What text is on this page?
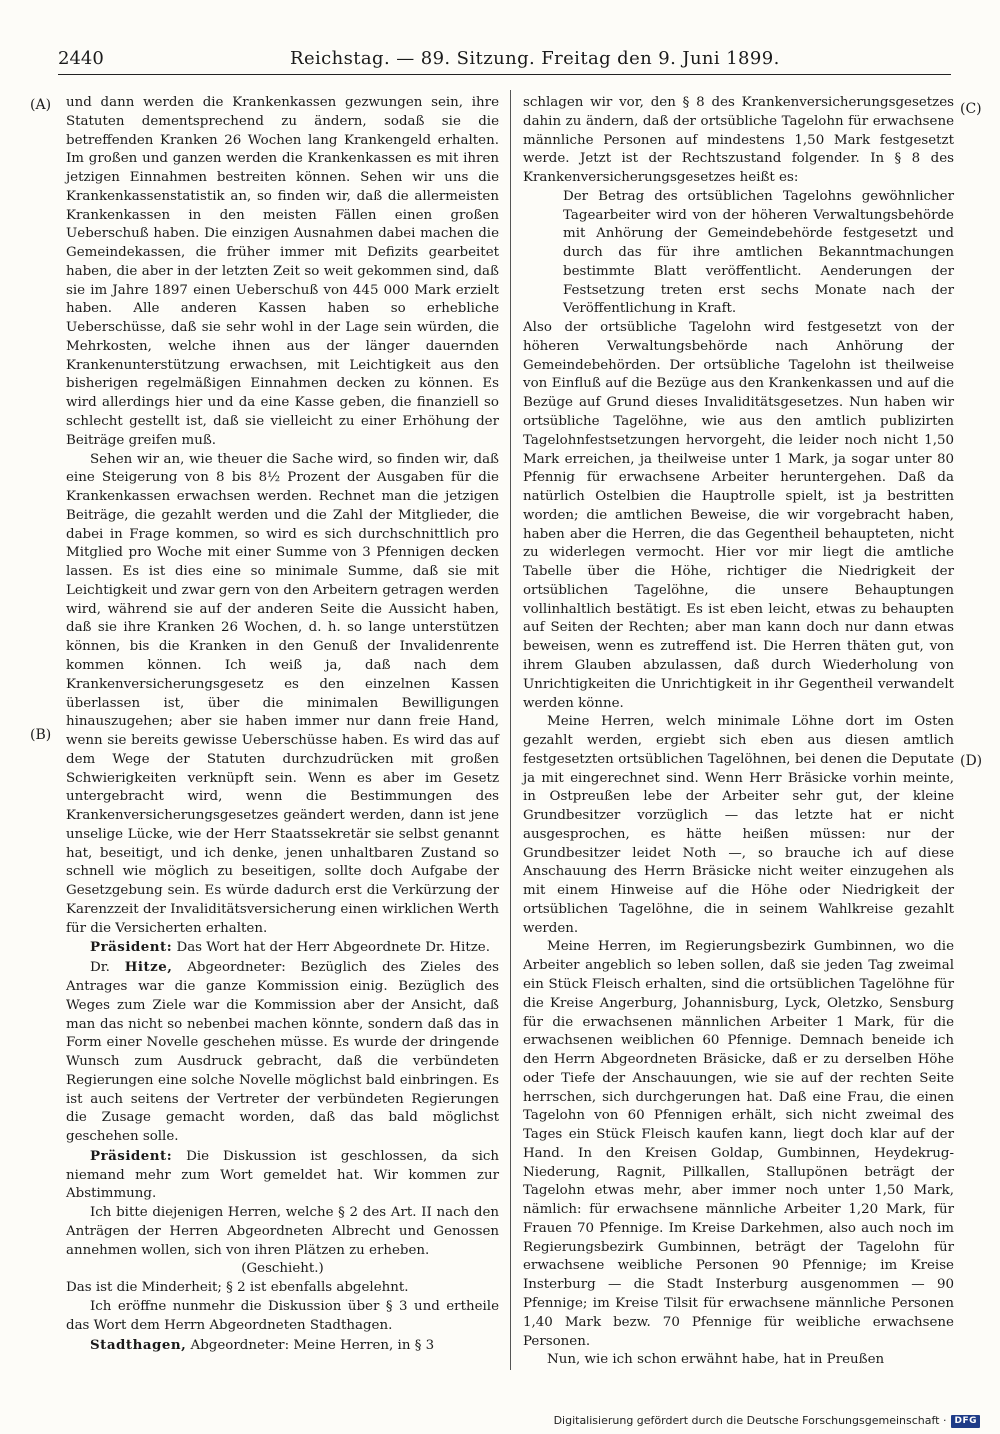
2440	Reichstag. — 89. Sitzung. Freitag den 9. Juni 1899.
(A)
(B)
(C)
(D)

und dann werden die Krankenkassen gezwungen sein, ihre Statuten dementsprechend zu ändern, sodaß sie die betreffenden Kranken 26 Wochen lang Krankengeld erhalten. Im großen und ganzen werden die Krankenkassen es mit ihren jetzigen Einnahmen bestreiten können. Sehen wir uns die Krankenkassenstatistik an, so finden wir, daß die allermeisten Krankenkassen in den meisten Fällen einen großen Ueberschuß haben. Die einzigen Ausnahmen dabei machen die Gemeindekassen, die früher immer mit Defizits gearbeitet haben, die aber in der letzten Zeit so weit gekommen sind, daß sie im Jahre 1897 einen Ueberschuß von 445 000 Mark erzielt haben. Alle anderen Kassen haben so erhebliche Ueberschüsse, daß sie sehr wohl in der Lage sein würden, die Mehrkosten, welche ihnen aus der länger dauernden Krankenunterstützung erwachsen, mit Leichtigkeit aus den bisherigen regelmäßigen Einnahmen decken zu können. Es wird allerdings hier und da eine Kasse geben, die finanziell so schlecht gestellt ist, daß sie vielleicht zu einer Erhöhung der Beiträge greifen muß.

Sehen wir an, wie theuer die Sache wird, so finden wir, daß eine Steigerung von 8 bis 8½ Prozent der Ausgaben für die Krankenkassen erwachsen werden. Rechnet man die jetzigen Beiträge, die gezahlt werden und die Zahl der Mitglieder, die dabei in Frage kommen, so wird es sich durchschnittlich pro Mitglied pro Woche mit einer Summe von 3 Pfennigen decken lassen. Es ist dies eine so minimale Summe, daß sie mit Leichtigkeit und zwar gern von den Arbeitern getragen werden wird, während sie auf der anderen Seite die Aussicht haben, daß sie ihre Kranken 26 Wochen, d. h. so lange unterstützen können, bis die Kranken in den Genuß der Invalidenrente kommen können. Ich weiß ja, daß nach dem Krankenversicherungsgesetz es den einzelnen Kassen überlassen ist, über die minimalen Bewilligungen hinauszugehen; aber sie haben immer nur dann freie Hand, wenn sie bereits gewisse Ueberschüsse haben. Es wird das auf dem Wege der Statuten durchzudrücken mit großen Schwierigkeiten verknüpft sein. Wenn es aber im Gesetz untergebracht wird, wenn die Bestimmungen des Krankenversicherungsgesetzes geändert werden, dann ist jene unselige Lücke, wie der Herr Staatssekretär sie selbst genannt hat, beseitigt, und ich denke, jenen unhaltbaren Zustand so schnell wie möglich zu beseitigen, sollte doch Aufgabe der Gesetzgebung sein. Es würde dadurch erst die Verkürzung der Karenzzeit der Invaliditätsversicherung einen wirklichen Werth für die Versicherten erhalten.

Präsident: Das Wort hat der Herr Abgeordnete Dr. Hitze.

Dr. Hitze, Abgeordneter: Bezüglich des Zieles des Antrages war die ganze Kommission einig. Bezüglich des Weges zum Ziele war die Kommission aber der Ansicht, daß man das nicht so nebenbei machen könnte, sondern daß das in Form einer Novelle geschehen müsse. Es wurde der dringende Wunsch zum Ausdruck gebracht, daß die verbündeten Regierungen eine solche Novelle möglichst bald einbringen. Es ist auch seitens der Vertreter der verbündeten Regierungen die Zusage gemacht worden, daß das bald möglichst geschehen solle.

Präsident: Die Diskussion ist geschlossen, da sich niemand mehr zum Wort gemeldet hat. Wir kommen zur Abstimmung.

Ich bitte diejenigen Herren, welche § 2 des Art. II nach den Anträgen der Herren Abgeordneten Albrecht und Genossen annehmen wollen, sich von ihren Plätzen zu erheben.

(Geschieht.)

Das ist die Minderheit; § 2 ist ebenfalls abgelehnt.

Ich eröffne nunmehr die Diskussion über § 3 und ertheile das Wort dem Herrn Abgeordneten Stadthagen.

Stadthagen, Abgeordneter: Meine Herren, in § 3

schlagen wir vor, den § 8 des Krankenversicherungsgesetzes dahin zu ändern, daß der ortsübliche Tagelohn für erwachsene männliche Personen auf mindestens 1,50 Mark festgesetzt werde. Jetzt ist der Rechtszustand folgender. In § 8 des Krankenversicherungsgesetzes heißt es:

Der Betrag des ortsüblichen Tagelohns gewöhnlicher Tagearbeiter wird von der höheren Verwaltungsbehörde mit Anhörung der Gemeindebehörde festgesetzt und durch das für ihre amtlichen Bekanntmachungen bestimmte Blatt veröffentlicht. Aenderungen der Festsetzung treten erst sechs Monate nach der Veröffentlichung in Kraft.

Also der ortsübliche Tagelohn wird festgesetzt von der höheren Verwaltungsbehörde nach Anhörung der Gemeindebehörden. Der ortsübliche Tagelohn ist theilweise von Einfluß auf die Bezüge aus den Krankenkassen und auf die Bezüge auf Grund dieses Invaliditätsgesetzes. Nun haben wir ortsübliche Tagelöhne, wie aus den amtlich publizirten Tagelohnfestsetzungen hervorgeht, die leider noch nicht 1,50 Mark erreichen, ja theilweise unter 1 Mark, ja sogar unter 80 Pfennig für erwachsene Arbeiter heruntergehen. Daß da natürlich Ostelbien die Hauptrolle spielt, ist ja bestritten worden; die amtlichen Beweise, die wir vorgebracht haben, haben aber die Herren, die das Gegentheil behaupteten, nicht zu widerlegen vermocht. Hier vor mir liegt die amtliche Tabelle über die Höhe, richtiger die Niedrigkeit der ortsüblichen Tagelöhne, die unsere Behauptungen vollinhaltlich bestätigt. Es ist eben leicht, etwas zu behaupten auf Seiten der Rechten; aber man kann doch nur dann etwas beweisen, wenn es zutreffend ist. Die Herren thäten gut, von ihrem Glauben abzulassen, daß durch Wiederholung von Unrichtigkeiten die Unrichtigkeit in ihr Gegentheil verwandelt werden könne.

Meine Herren, welch minimale Löhne dort im Osten gezahlt werden, ergiebt sich eben aus diesen amtlich festgesetzten ortsüblichen Tagelöhnen, bei denen die Deputate ja mit eingerechnet sind. Wenn Herr Bräsicke vorhin meinte, in Ostpreußen lebe der Arbeiter sehr gut, der kleine Grundbesitzer vorzüglich — das letzte hat er nicht ausgesprochen, es hätte heißen müssen: nur der Grundbesitzer leidet Noth —, so brauche ich auf diese Anschauung des Herrn Bräsicke nicht weiter einzugehen als mit einem Hinweise auf die Höhe oder Niedrigkeit der ortsüblichen Tagelöhne, die in seinem Wahlkreise gezahlt werden.

Meine Herren, im Regierungsbezirk Gumbinnen, wo die Arbeiter angeblich so leben sollen, daß sie jeden Tag zweimal ein Stück Fleisch erhalten, sind die ortsüblichen Tagelöhne für die Kreise Angerburg, Johannisburg, Lyck, Oletzko, Sensburg für die erwachsenen männlichen Arbeiter 1 Mark, für die erwachsenen weiblichen 60 Pfennige. Demnach beneide ich den Herrn Abgeordneten Bräsicke, daß er zu derselben Höhe oder Tiefe der Anschauungen, wie sie auf der rechten Seite herrschen, sich durchgerungen hat. Daß eine Frau, die einen Tagelohn von 60 Pfennigen erhält, sich nicht zweimal des Tages ein Stück Fleisch kaufen kann, liegt doch klar auf der Hand. In den Kreisen Goldap, Gumbinnen, Heydekrug-Niederung, Ragnit, Pillkallen, Stallupönen beträgt der Tagelohn etwas mehr, aber immer noch unter 1,50 Mark, nämlich: für erwachsene männliche Arbeiter 1,20 Mark, für Frauen 70 Pfennige. Im Kreise Darkehmen, also auch noch im Regierungsbezirk Gumbinnen, beträgt der Tagelohn für erwachsene weibliche Personen 90 Pfennige; im Kreise Insterburg — die Stadt Insterburg ausgenommen — 90 Pfennige; im Kreise Tilsit für erwachsene männliche Personen 1,40 Mark bezw. 70 Pfennige für weibliche erwachsene Personen.

Nun, wie ich schon erwähnt habe, hat in Preußen

Digitalisierung gefördert durch die Deutsche Forschungsgemeinschaft · DFG
